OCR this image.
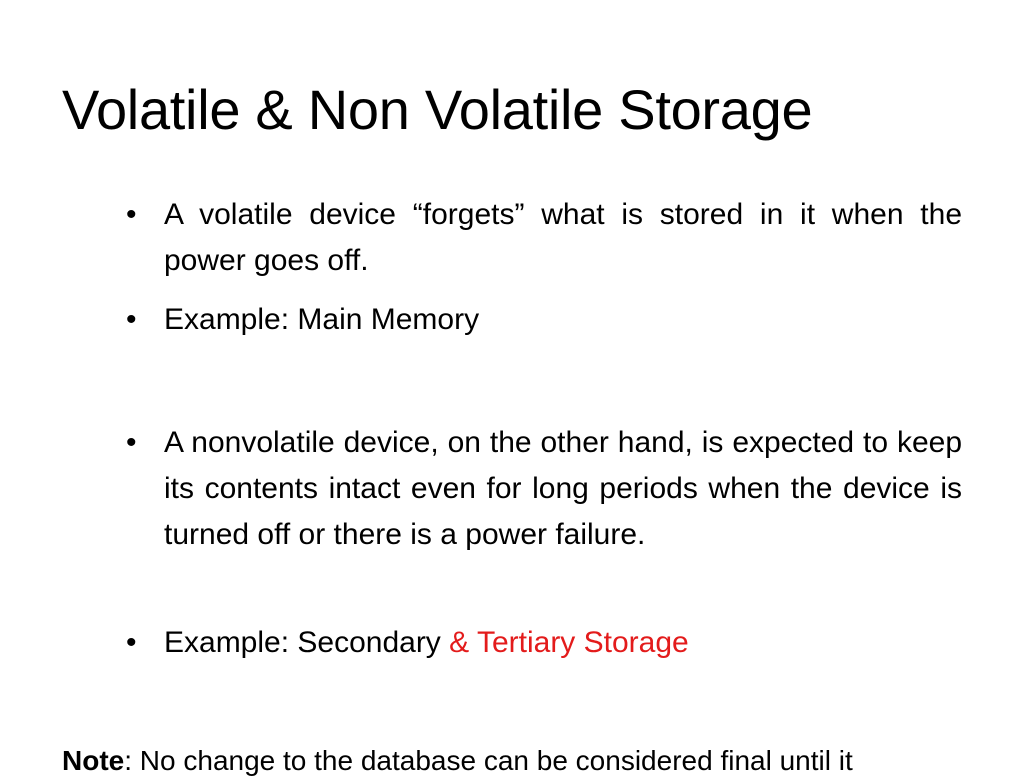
Volatile & Non Volatile Storage
• A volatile device “forgets” what is stored in it when the power goes off.
• Example: Main Memory
• A nonvolatile device, on the other hand, is expected to keep its contents intact even for long periods when the device is turned off or there is a power failure.
• Example: Secondary & Tertiary Storage

Note: No change to the database can be considered final until it
